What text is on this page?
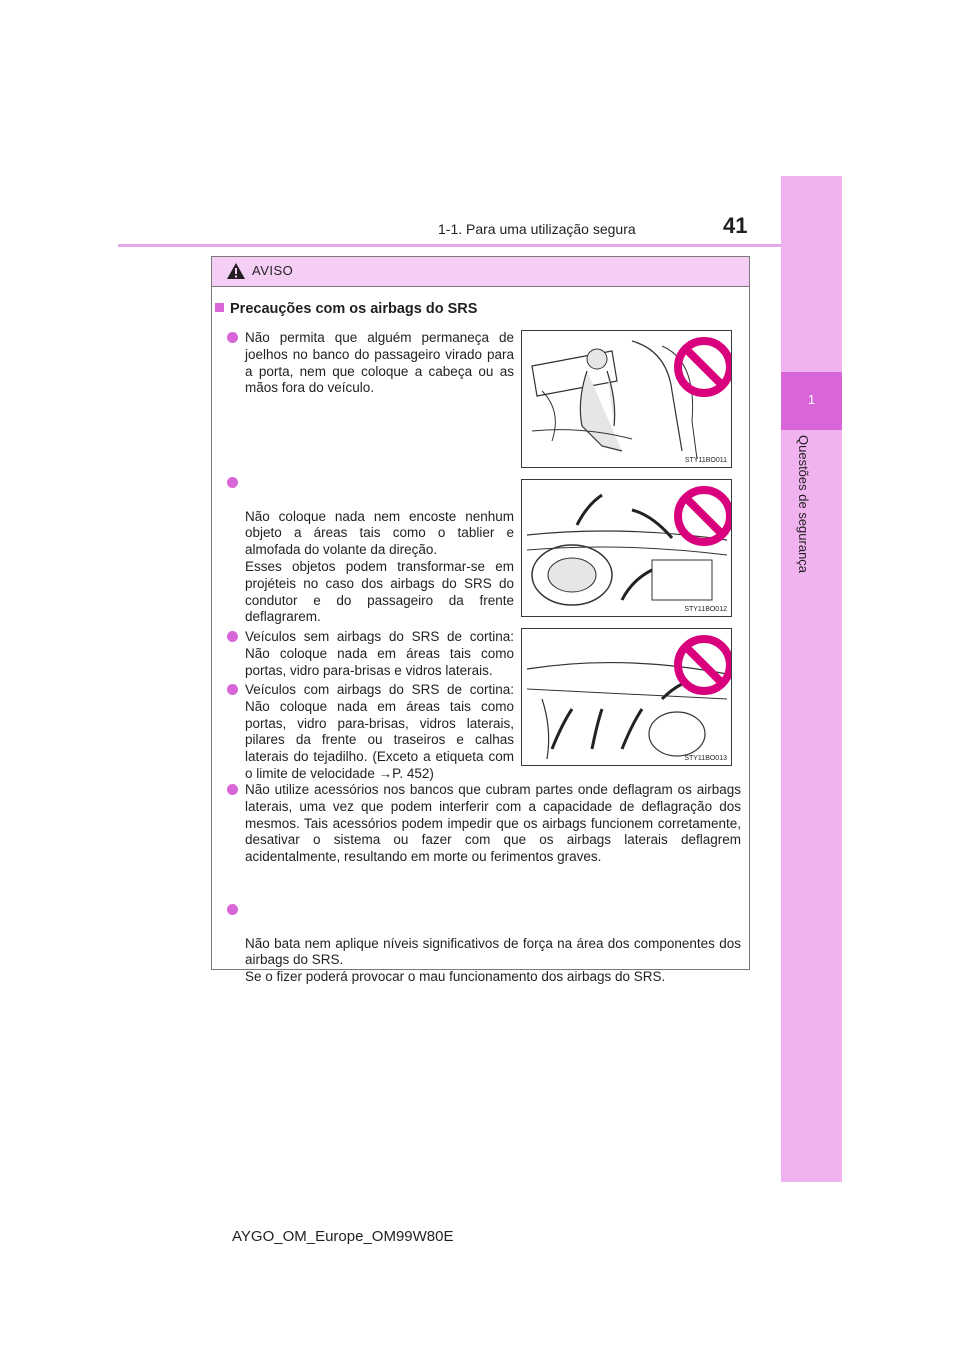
1-1. Para uma utilização segura	41
1
Questões de segurança
AVISO
Precauções com os airbags do SRS
Não permita que alguém permaneça de joelhos no banco do passageiro virado para a porta, nem que coloque a cabeça ou as mãos fora do veículo.
STY11BO011

Não coloque nada nem encoste nenhum objeto a áreas tais como o tablier e almofada do volante da direção.
Esses objetos podem transformar-se em projéteis no caso dos airbags do SRS do condutor e do passageiro da frente deflagrarem.	STY11BO012
Veículos sem airbags do SRS de cortina: Não coloque nada em áreas tais como portas, vidro para-brisas e vidros laterais.
Veículos com airbags do SRS de cortina: Não coloque nada em áreas tais como portas, vidro para-brisas, vidros laterais, pilares da frente ou traseiros e calhas laterais do tejadilho. (Exceto a etiqueta com o limite de velocidade →P. 452)
STY11BO013
Não utilize acessórios nos bancos que cubram partes onde deflagram os airbags laterais, uma vez que podem interferir com a capacidade de deflagração dos mesmos. Tais acessórios podem impedir que os airbags funcionem corretamente, desativar o sistema ou fazer com que os airbags laterais deflagrem acidentalmente, resultando em morte ou ferimentos graves.

Não bata nem aplique níveis significativos de força na área dos componentes dos airbags do SRS.
Se o fizer poderá provocar o mau funcionamento dos airbags do SRS.

AYGO_OM_Europe_OM99W80E
